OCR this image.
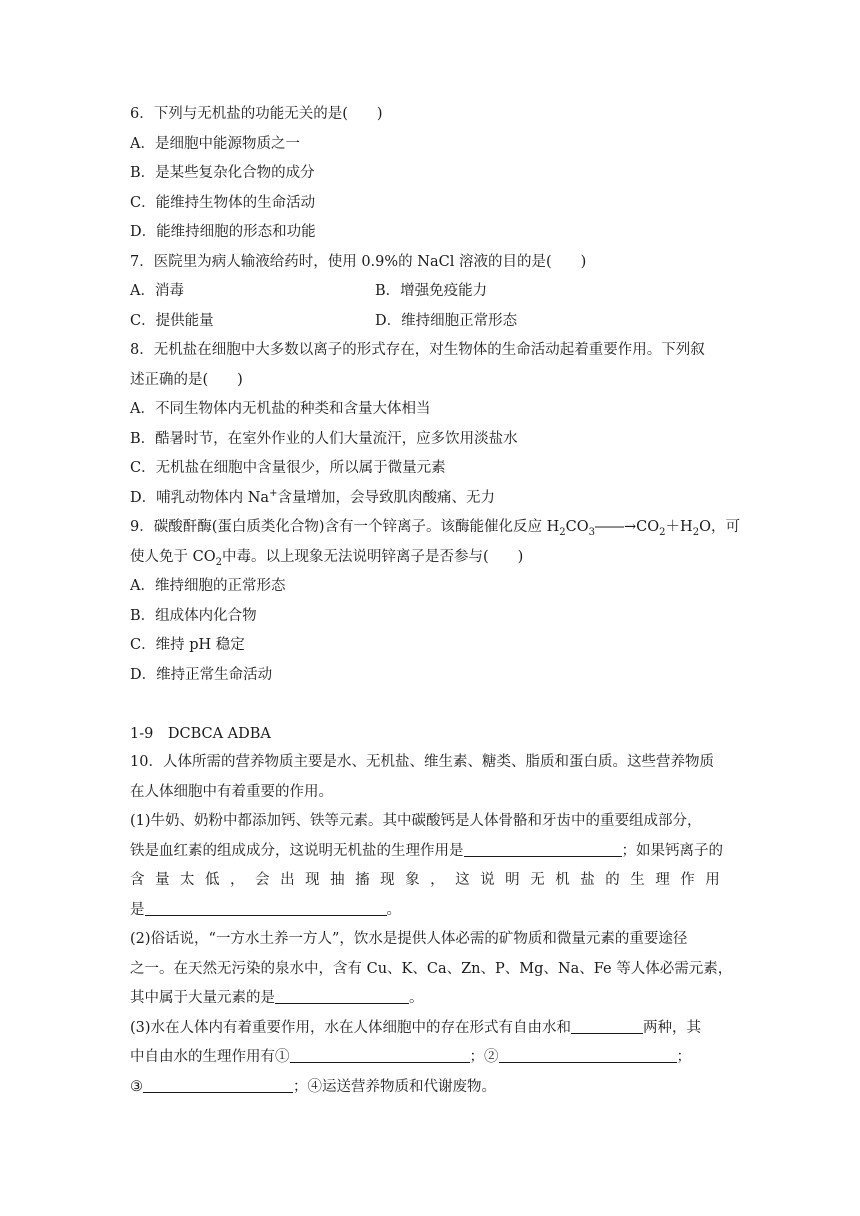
6．下列与无机盐的功能无关的是(　　)
A．是细胞中能源物质之一
B．是某些复杂化合物的成分
C．能维持生物体的生命活动
D．能维持细胞的形态和功能
7．医院里为病人输液给药时，使用 0.9%的 NaCl 溶液的目的是(　　)
A．消毒	B．增强免疫能力
C．提供能量	D．维持细胞正常形态
8．无机盐在细胞中大多数以离子的形式存在，对生物体的生命活动起着重要作用。下列叙
述正确的是(　　)
A．不同生物体内无机盐的种类和含量大体相当
B．酷暑时节，在室外作业的人们大量流汗，应多饮用淡盐水
C．无机盐在细胞中含量很少，所以属于微量元素
D．哺乳动物体内 Na+含量增加，会导致肌肉酸痛、无力
9．碳酸酐酶(蛋白质类化合物)含有一个锌离子。该酶能催化反应 $H_2CO_3――\to CO_2+H_2O$，可
使人免于 $CO_2$中毒。以上现象无法说明锌离子是否参与(　　)
A．维持细胞的正常形态
B．组成体内化合物
C．维持 pH 稳定
D．维持正常生命活动
1-9　DCBCA ADBA
10．人体所需的营养物质主要是水、无机盐、维生素、糖类、脂质和蛋白质。这些营养物质
在人体细胞中有着重要的作用。
(1)牛奶、奶粉中都添加钙、铁等元素。其中碳酸钙是人体骨骼和牙齿中的重要组成部分，
铁是血红素的组成成分，这说明无机盐的生理作用是	；如果钙离子的
含量太低，会出现抽搐现象，这说明无机盐的生理作用
是	。
(2)俗话说，“一方水土养一方人”，饮水是提供人体必需的矿物质和微量元素的重要途径
之一。在天然无污染的泉水中，含有 Cu、K、Ca、Zn、P、Mg、Na、Fe 等人体必需元素，
其中属于大量元素的是	。
(3)水在人体内有着重要作用，水在人体细胞中的存在形式有自由水和	两种，其
中自由水的生理作用有①	；②	；
③	；④运送营养物质和代谢废物。
